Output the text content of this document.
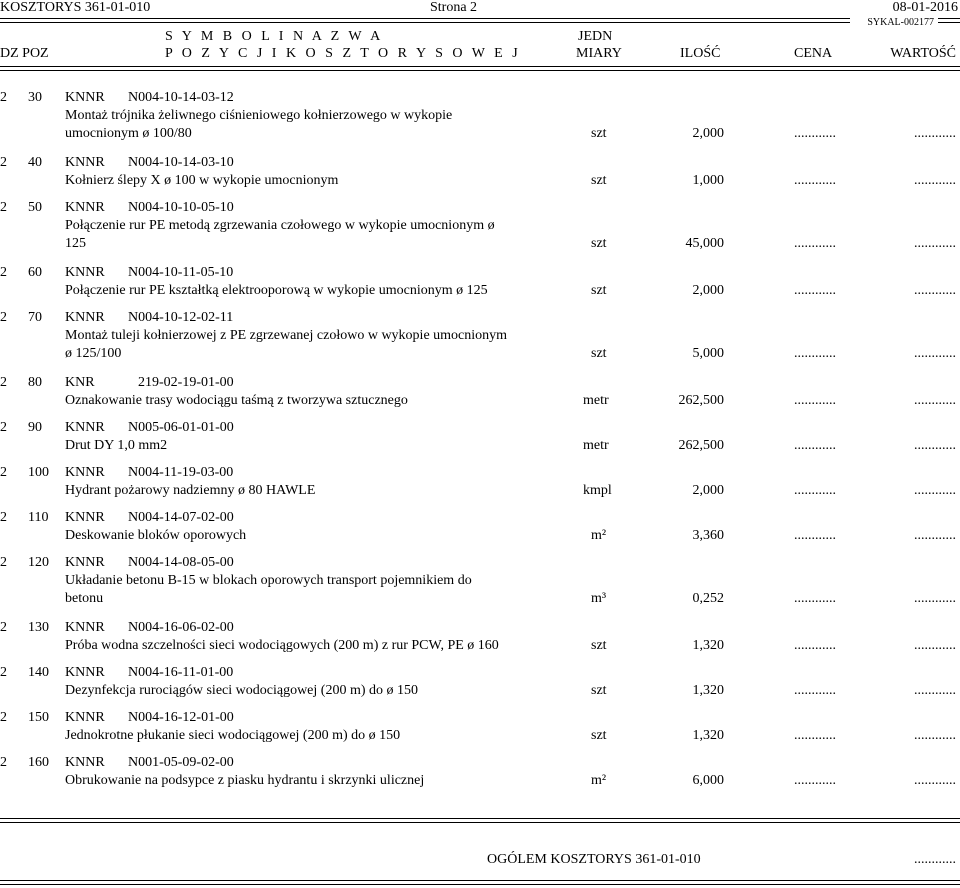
KOSZTORYS 361-01-010	Strona 2	08-01-2016
SYKAL-002177
S Y M B O L I N A Z W A	JEDN
DZ POZ	P O Z Y C J I K O S Z T O R Y S O W E J	MIARY	ILOŚĆ	CENA	WARTOŚĆ
2 30 KNNR N004-10-14-03-12
Montaż trójnika żeliwnego ciśnieniowego kołnierzowego w wykopie
umocnionym ø 100/80	szt	2,000	............	............
2 40 KNNR N004-10-14-03-10
Kołnierz ślepy X ø 100 w wykopie umocnionym	szt	1,000	............	............
2 50 KNNR N004-10-10-05-10
Połączenie rur PE metodą zgrzewania czołowego w wykopie umocnionym ø
125	szt	45,000	............	............
2 60 KNNR N004-10-11-05-10
Połączenie rur PE kształtką elektrooporową w wykopie umocnionym ø 125	szt	2,000	............	............
2 70 KNNR N004-10-12-02-11
Montaż tuleji kołnierzowej z PE zgrzewanej czołowo w wykopie umocnionym
ø 125/100	szt	5,000	............	............
2 80 KNR	219-02-19-01-00
Oznakowanie trasy wodociągu taśmą z tworzywa sztucznego	metr	262,500	............	............
2 90 KNNR N005-06-01-01-00
Drut DY 1,0 mm2	metr	262,500	............	............
2 100 KNNR N004-11-19-03-00
Hydrant pożarowy nadziemny ø 80 HAWLE	kmpl	2,000	............	............
2 110 KNNR N004-14-07-02-00
Deskowanie bloków oporowych	m²	3,360	............	............
2 120 KNNR N004-14-08-05-00
Układanie betonu B-15 w blokach oporowych transport pojemnikiem do
betonu	m³	0,252	............	............
2 130 KNNR N004-16-06-02-00
Próba wodna szczelności sieci wodociągowych (200 m) z rur PCW, PE ø 160	szt	1,320	............	............
2 140 KNNR N004-16-11-01-00
Dezynfekcja rurociągów sieci wodociągowej (200 m) do ø 150	szt	1,320	............	............
2 150 KNNR N004-16-12-01-00
Jednokrotne płukanie sieci wodociągowej (200 m) do ø 150	szt	1,320	............	............
2 160 KNNR N001-05-09-02-00
Obrukowanie na podsypce z piasku hydrantu i skrzynki ulicznej	m²	6,000	............	............
OGÓLEM KOSZTORYS 361-01-010	............
